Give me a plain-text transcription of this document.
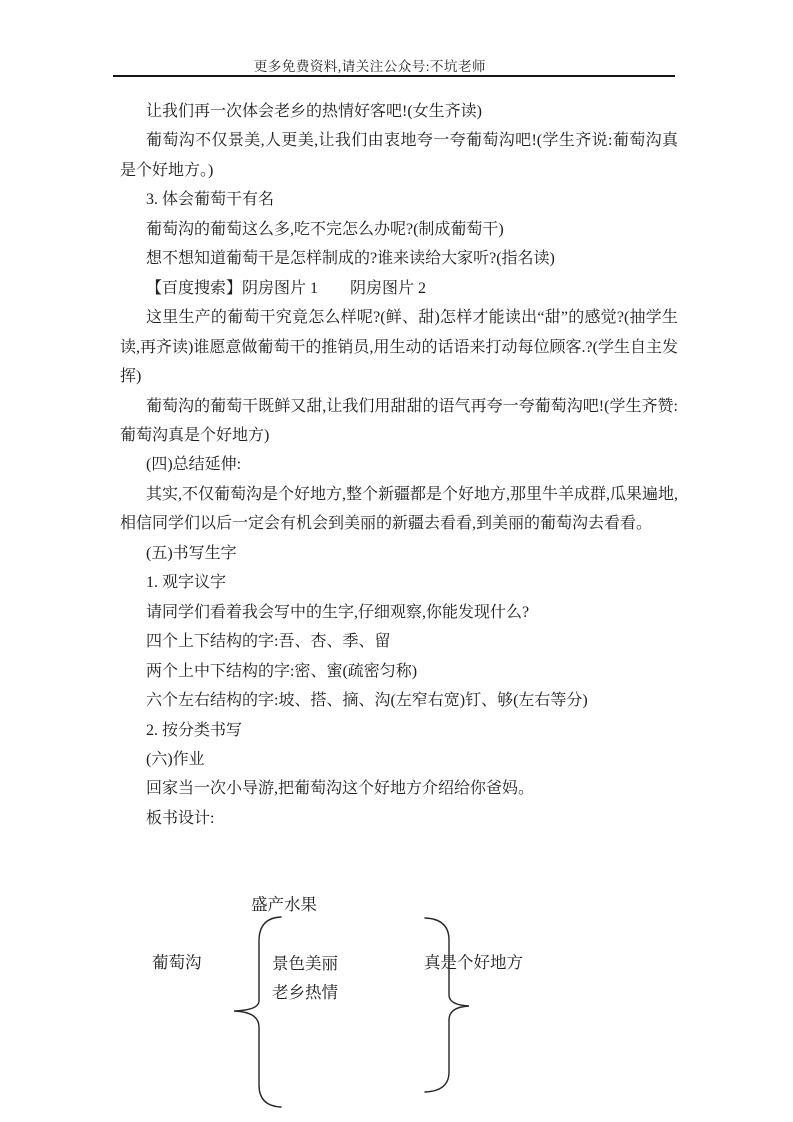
更多免费资料,请关注公众号:不坑老师

让我们再一次体会老乡的热情好客吧!(女生齐读)

葡萄沟不仅景美,人更美,让我们由衷地夸一夸葡萄沟吧!(学生齐说:葡萄沟真是个好地方。)

3. 体会葡萄干有名

葡萄沟的葡萄这么多,吃不完怎么办呢?(制成葡萄干)

想不想知道葡萄干是怎样制成的?谁来读给大家听?(指名读)

【百度搜索】阴房图片 1　　阴房图片 2

这里生产的葡萄干究竟怎么样呢?(鲜、甜)怎样才能读出“甜”的感觉?(抽学生读,再齐读)谁愿意做葡萄干的推销员,用生动的话语来打动每位顾客.?(学生自主发挥)

葡萄沟的葡萄干既鲜又甜,让我们用甜甜的语气再夸一夸葡萄沟吧!(学生齐赞:葡萄沟真是个好地方)

(四)总结延伸:

其实,不仅葡萄沟是个好地方,整个新疆都是个好地方,那里牛羊成群,瓜果遍地,相信同学们以后一定会有机会到美丽的新疆去看看,到美丽的葡萄沟去看看。

(五)书写生字

1. 观字议字

请同学们看着我会写中的生字,仔细观察,你能发现什么?

四个上下结构的字:吾、杏、季、留

两个上中下结构的字:密、蜜(疏密匀称)

六个左右结构的字:坡、搭、摘、沟(左窄右宽)钉、够(左右等分)

2. 按分类书写

(六)作业

回家当一次小导游,把葡萄沟这个好地方介绍给你爸妈。

板书设计:

盛产水果
葡萄沟	景色美丽
老乡热情
真是个好地方
